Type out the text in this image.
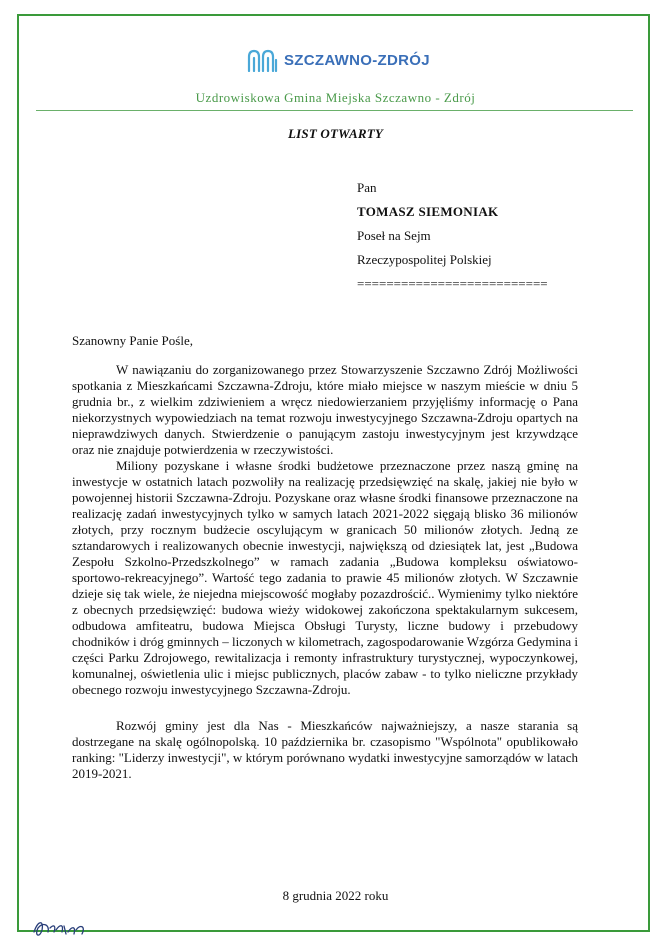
SZCZAWNO-ZDRÓJ
Uzdrowiskowa Gmina Miejska Szczawno - Zdrój
LIST OTWARTY
Pan
TOMASZ SIEMONIAK
Poseł na Sejm
Rzeczypospolitej Polskiej
==========================
Szanowny Panie Pośle,

W nawiązaniu do zorganizowanego przez Stowarzyszenie Szczawno Zdrój Możliwości spotkania z Mieszkańcami Szczawna-Zdroju, które miało miejsce w naszym mieście w dniu 5 grudnia br., z wielkim zdziwieniem a wręcz niedowierzaniem przyjęliśmy informację o Pana niekorzystnych wypowiedziach na temat rozwoju inwestycyjnego Szczawna-Zdroju opartych na nieprawdziwych danych. Stwierdzenie o panującym zastoju inwestycyjnym jest krzywdzące oraz nie znajduje potwierdzenia w rzeczywistości.

Miliony pozyskane i własne środki budżetowe przeznaczone przez naszą gminę na inwestycje w ostatnich latach pozwoliły na realizację przedsięwzięć na skalę, jakiej nie było w powojennej historii Szczawna-Zdroju. Pozyskane oraz własne środki finansowe przeznaczone na realizację zadań inwestycyjnych tylko w samych latach 2021-2022 sięgają blisko 36 milionów złotych, przy rocznym budżecie oscylującym w granicach 50 milionów złotych. Jedną ze sztandarowych i realizowanych obecnie inwestycji, największą od dziesiątek lat, jest „Budowa Zespołu Szkolno-Przedszkolnego” w ramach zadania „Budowa kompleksu oświatowo-sportowo-rekreacyjnego”. Wartość tego zadania to prawie 45 milionów złotych. W Szczawnie dzieje się tak wiele, że niejedna miejscowość mogłaby pozazdrościć.. Wymienimy tylko niektóre z obecnych przedsięwzięć: budowa wieży widokowej zakończona spektakularnym sukcesem, odbudowa amfiteatru, budowa Miejsca Obsługi Turysty, liczne budowy i przebudowy chodników i dróg gminnych – liczonych w kilometrach, zagospodarowanie Wzgórza Gedymina i części Parku Zdrojowego, rewitalizacja i remonty infrastruktury turystycznej, wypoczynkowej, komunalnej, oświetlenia ulic i miejsc publicznych, placów zabaw - to tylko nieliczne przykłady obecnego rozwoju inwestycyjnego Szczawna-Zdroju.

Rozwój gminy jest dla Nas - Mieszkańców najważniejszy, a nasze starania są dostrzegane na skalę ogólnopolską. 10 października br. czasopismo "Wspólnota" opublikowało ranking: "Liderzy inwestycji", w którym porównano wydatki inwestycyjne samorządów w latach 2019-2021.

8 grudnia 2022 roku
